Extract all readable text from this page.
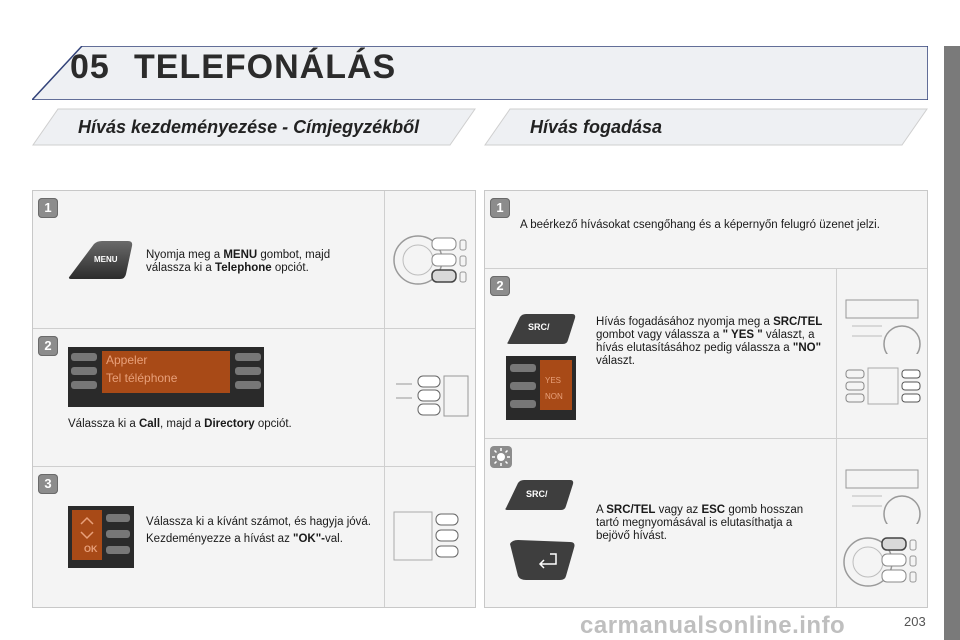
05 TELEFONÁLÁS
Hívás kezdeményezése - Címjegyzékből	Hívás fogadása
1
MENU Nyomja meg a MENU gombot, majd válassza ki a Telephone opciót.
2
Appeler
Tel téléphone
Válassza ki a Call, majd a Directory opciót.
3
OK
Válassza ki a kívánt számot, és hagyja jóvá.
Kezdeményezze a hívást az "OK"-val.
1
A beérkező hívásokat csengőhang és a képernyőn felugró üzenet jelzi.
2
SRC/
YES
NON
Hívás fogadásához nyomja meg a SRC/TEL gombot vagy válassza a " YES " választ, a hívás elutasításához pedig válassza a "NO" választ.
SRC/
A SRC/TEL vagy az ESC gomb hosszan tartó megnyomásával is elutasíthatja a bejövő hívást.
carmanualsonline.info	203
